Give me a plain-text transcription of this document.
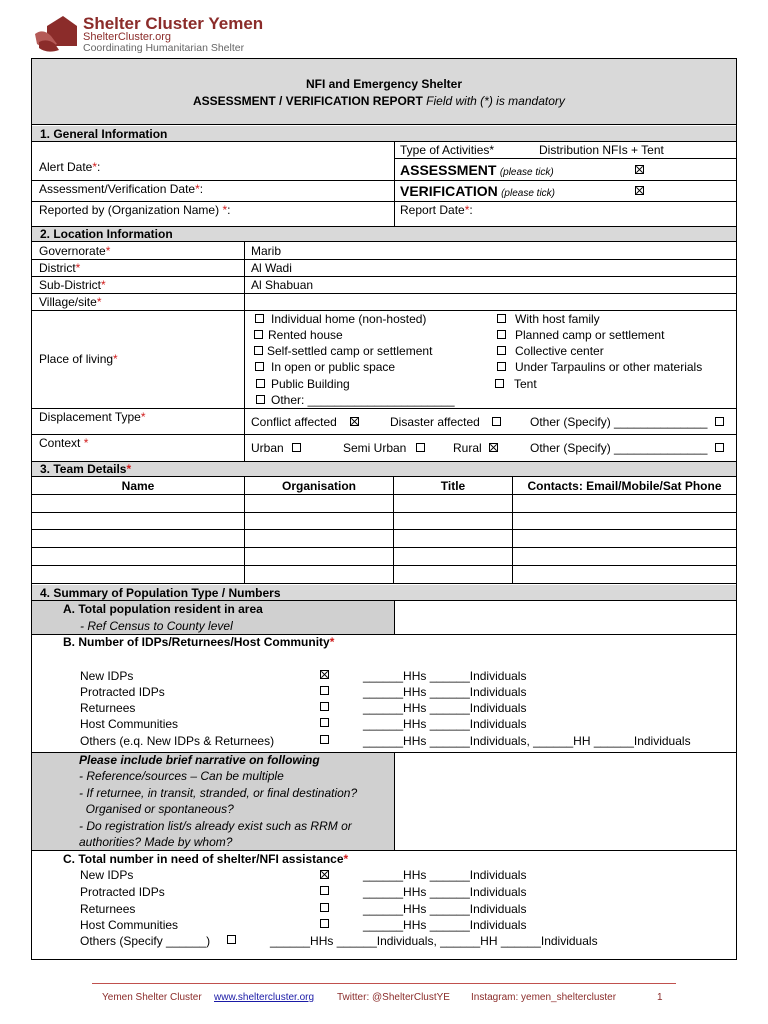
Shelter Cluster Yemen
ShelterCluster.org
Coordinating Humanitarian Shelter
NFI and Emergency Shelter
ASSESSMENT / VERIFICATION REPORT Field with (*) is mandatory
1. General Information
Type of Activities*	Distribution NFIs + Tent
Alert Date*:
Assessment/Verification Date*:
Reported by (Organization Name) *:
ASSESSMENT (please tick)
VERIFICATION (please tick)
Report Date*:
2. Location Information
Governorate*	Marib
District*	Al Wadi
Sub-District*	Al Shabuan
Village/site*
Place of living*
Individual home (non-hosted)
Rented house
Self-settled camp or settlement
In open or public space
Public Building
Other: ______________________
With host family
Planned camp or settlement
Collective center
Under Tarpaulins or other materials
Tent
Displacement Type*	Conflict affected	Disaster affected	Other (Specify) ______________
Context *	Urban	Semi Urban	Rural	Other (Specify) ______________
3. Team Details*
Name	Organisation	Title	Contacts: Email/Mobile/Sat Phone
4. Summary of Population Type / Numbers
A. Total population resident in area
- Ref Census to County level
B. Number of IDPs/Returnees/Host Community*
New IDPs	______HHs ______Individuals
Protracted IDPs	______HHs ______Individuals
Returnees	______HHs ______Individuals
Host Communities	______HHs ______Individuals
Others (e.q. New IDPs & Returnees)	______HHs ______Individuals, ______HH ______Individuals
Please include brief narrative on following
- Reference/sources – Can be multiple
- If returnee, in transit, stranded, or final destination?
Organised or spontaneous?
- Do registration list/s already exist such as RRM or
authorities? Made by whom?
C. Total number in need of shelter/NFI assistance*
New IDPs	______HHs ______Individuals
Protracted IDPs	______HHs ______Individuals
Returnees	______HHs ______Individuals
Host Communities	______HHs ______Individuals
Others (Specify ______)	______HHs ______Individuals, ______HH ______Individuals
Yemen Shelter Cluster www.sheltercluster.org Twitter: @ShelterClustYE Instagram: yemen_sheltercluster	1
